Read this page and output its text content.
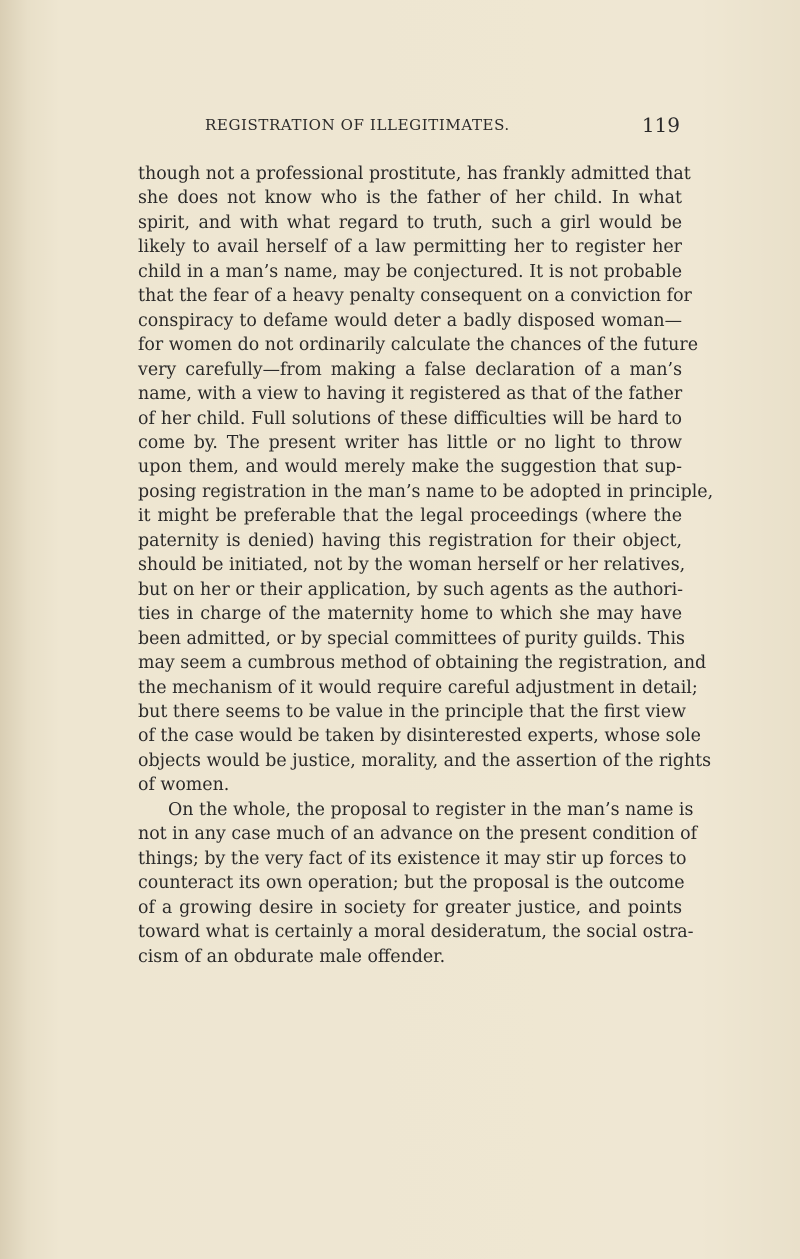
REGISTRATION OF ILLEGITIMATES.	119
though not a professional prostitute, has frankly admitted that
she does not know who is the father of her child. In what
spirit, and with what regard to truth, such a girl would be
likely to avail herself of a law permitting her to register her
child in a man’s name, may be conjectured. It is not probable
that the fear of a heavy penalty consequent on a conviction for
conspiracy to defame would deter a badly disposed woman—
for women do not ordinarily calculate the chances of the future
very carefully—from making a false declaration of a man’s
name, with a view to having it registered as that of the father
of her child. Full solutions of these difficulties will be hard to
come by. The present writer has little or no light to throw
upon them, and would merely make the suggestion that sup-
posing registration in the man’s name to be adopted in principle,
it might be preferable that the legal proceedings (where the
paternity is denied) having this registration for their object,
should be initiated, not by the woman herself or her relatives,
but on her or their application, by such agents as the authori-
ties in charge of the maternity home to which she may have
been admitted, or by special committees of purity guilds. This
may seem a cumbrous method of obtaining the registration, and
the mechanism of it would require careful adjustment in detail;
but there seems to be value in the principle that the first view
of the case would be taken by disinterested experts, whose sole
objects would be justice, morality, and the assertion of the rights
of women.
On the whole, the proposal to register in the man’s name is
not in any case much of an advance on the present condition of
things; by the very fact of its existence it may stir up forces to
counteract its own operation; but the proposal is the outcome
of a growing desire in society for greater justice, and points
toward what is certainly a moral desideratum, the social ostra-
cism of an obdurate male offender.
